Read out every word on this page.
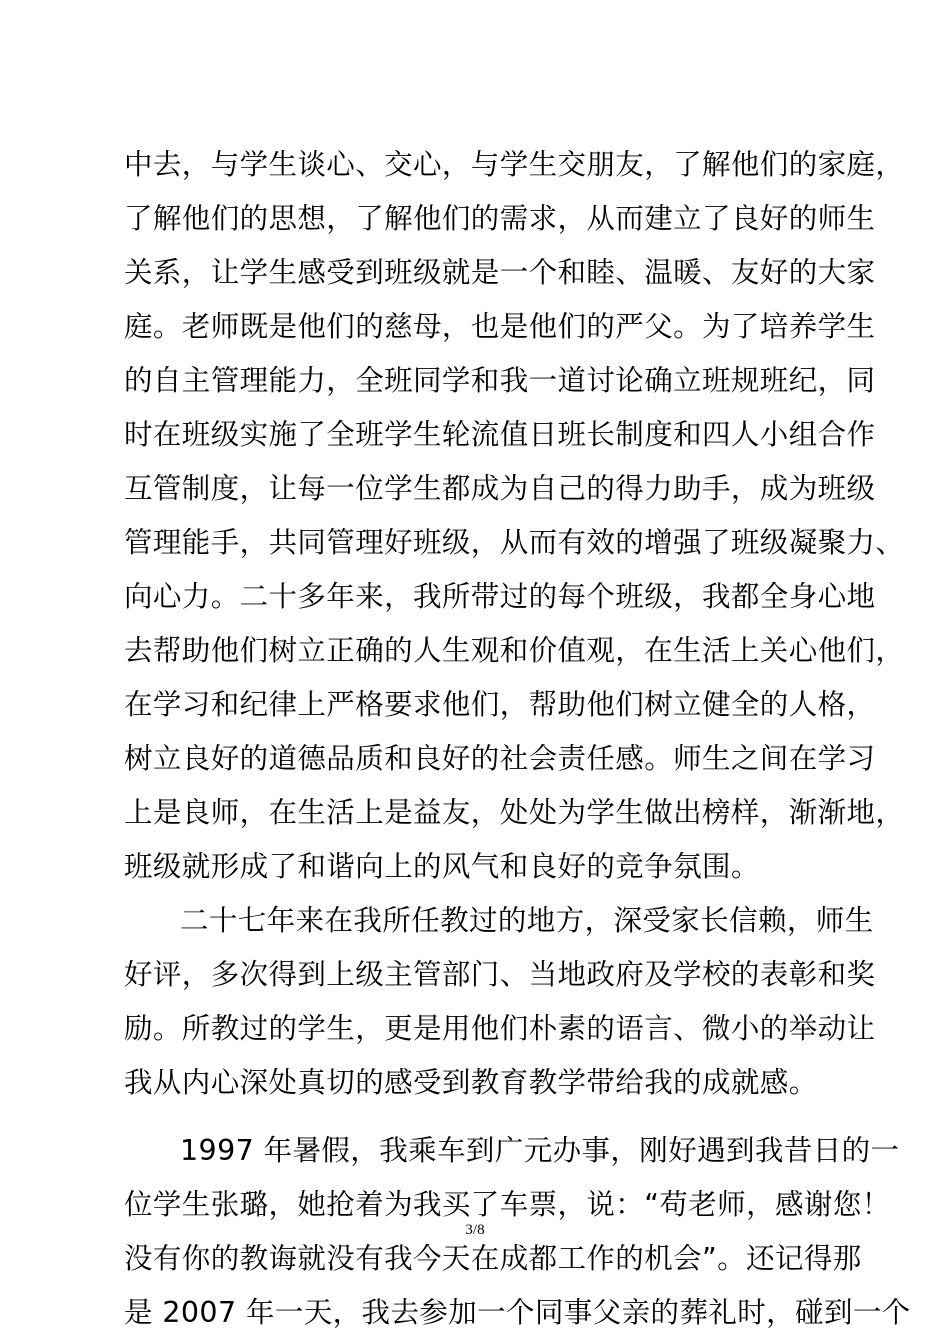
中去，与学生谈心、交心，与学生交朋友，了解他们的家庭，
了解他们的思想，了解他们的需求，从而建立了良好的师生
关系，让学生感受到班级就是一个和睦、温暖、友好的大家
庭。老师既是他们的慈母，也是他们的严父。为了培养学生
的自主管理能力，全班同学和我一道讨论确立班规班纪，同
时在班级实施了全班学生轮流值日班长制度和四人小组合作
互管制度，让每一位学生都成为自己的得力助手，成为班级
管理能手，共同管理好班级，从而有效的增强了班级凝聚力、
向心力。二十多年来，我所带过的每个班级，我都全身心地
去帮助他们树立正确的人生观和价值观，在生活上关心他们，
在学习和纪律上严格要求他们，帮助他们树立健全的人格，
树立良好的道德品质和良好的社会责任感。师生之间在学习
上是良师，在生活上是益友，处处为学生做出榜样，渐渐地，
班级就形成了和谐向上的风气和良好的竞争氛围。
二十七年来在我所任教过的地方，深受家长信赖，师生
好评，多次得到上级主管部门、当地政府及学校的表彰和奖
励。所教过的学生，更是用他们朴素的语言、微小的举动让
我从内心深处真切的感受到教育教学带给我的成就感。
1997 年暑假，我乘车到广元办事，刚好遇到我昔日的一
位学生张璐，她抢着为我买了车票，说：“苟老师，感谢您！
没有你的教诲就没有我今天在成都工作的机会”。还记得那
是 2007 年一天，我去参加一个同事父亲的葬礼时，碰到一个
3/8
